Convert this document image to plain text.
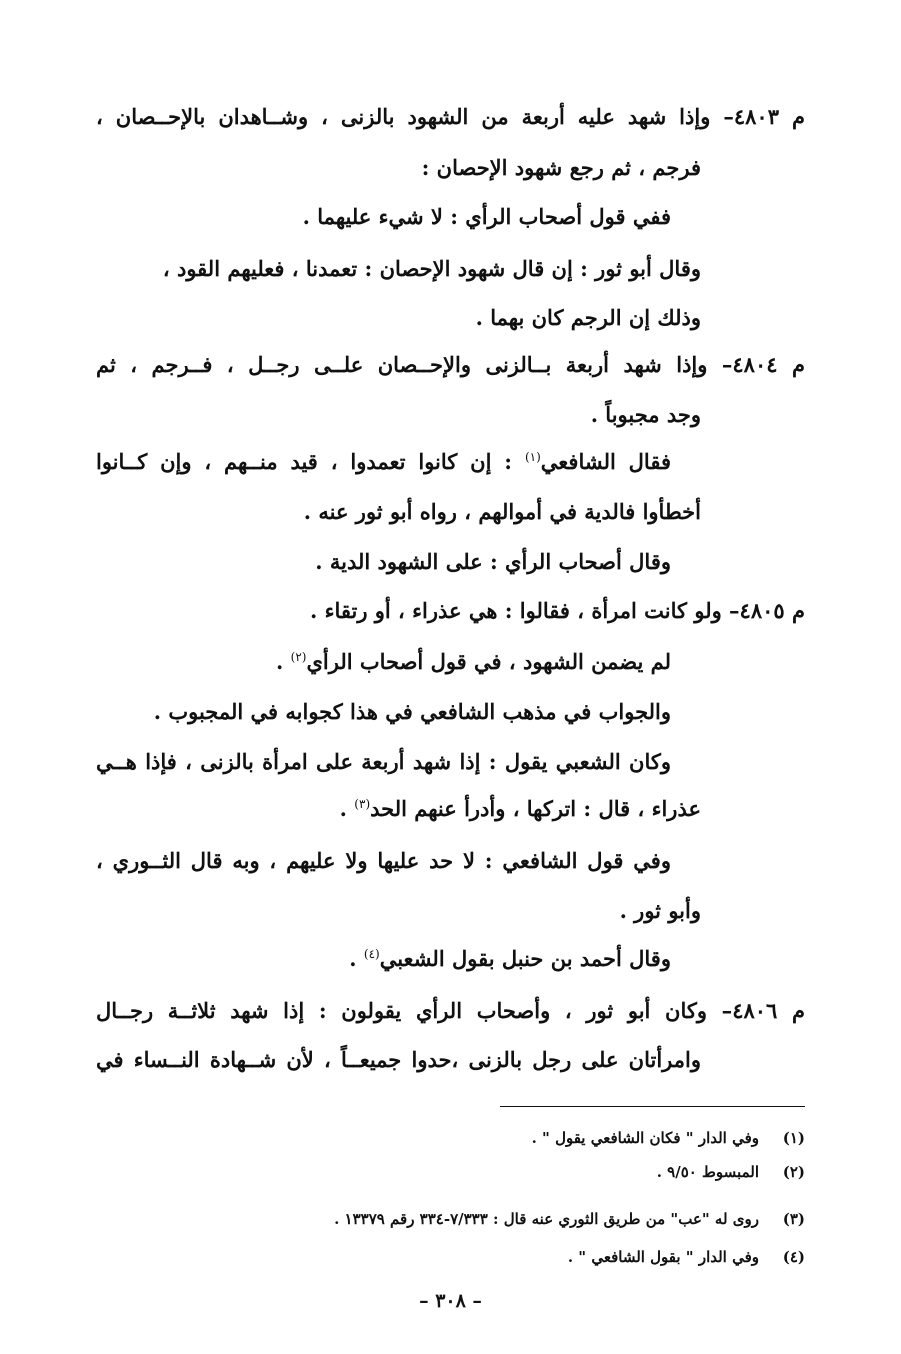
م ٤٨٠٣– وإذا شهد عليه أربعة من الشهود بالزنى ، وشــاهدان بالإحــصان ،
فرجم ، ثم رجع شهود الإحصان :
ففي قول أصحاب الرأي : لا شيء عليهما .
وقال أبو ثور : إن قال شهود الإحصان : تعمدنا ، فعليهم القود ،
وذلك إن الرجم كان بهما .
م ٤٨٠٤– وإذا شهد أربعة بــالزنى والإحــصان علــى رجــل ، فــرجم ، ثم
وجد مجبوباً .
فقال الشافعي$^{(١)}$ : إن كانوا تعمدوا ، قيد منــهم ، وإن كــانوا
أخطأوا فالدية في أموالهم ، رواه أبو ثور عنه .
وقال أصحاب الرأي : على الشهود الدية .
م ٤٨٠٥– ولو كانت امرأة ، فقالوا : هي عذراء ، أو رتقاء .
لم يضمن الشهود ، في قول أصحاب الرأي$^{(٢)}$ .
والجواب في مذهب الشافعي في هذا كجوابه في المجبوب .
وكان الشعبي يقول : إذا شهد أربعة على امرأة بالزنى ، فإذا هــي
عذراء ، قال : اتركها ، وأدرأ عنهم الحد$^{(٣)}$ .
وفي قول الشافعي : لا حد عليها ولا عليهم ، وبه قال الثــوري ،
وأبو ثور .
وقال أحمد بن حنبل بقول الشعبي$^{(٤)}$ .
م ٤٨٠٦– وكان أبو ثور ، وأصحاب الرأي يقولون : إذا شهد ثلاثــة رجــال
وامرأتان على رجل بالزنى ،حدوا جميعــاً ، لأن شــهادة النــساء في
(١)وفي الدار " فكان الشافعي يقول " .
(٢)المبسوط ٩/٥٠ .
(٣)روى له "عب" من طريق الثوري عنه قال : ٧/٣٣٣-٣٣٤ رقم ١٣٣٧٩ .
(٤)وفي الدار " بقول الشافعي " .
– ٣٠٨ –
